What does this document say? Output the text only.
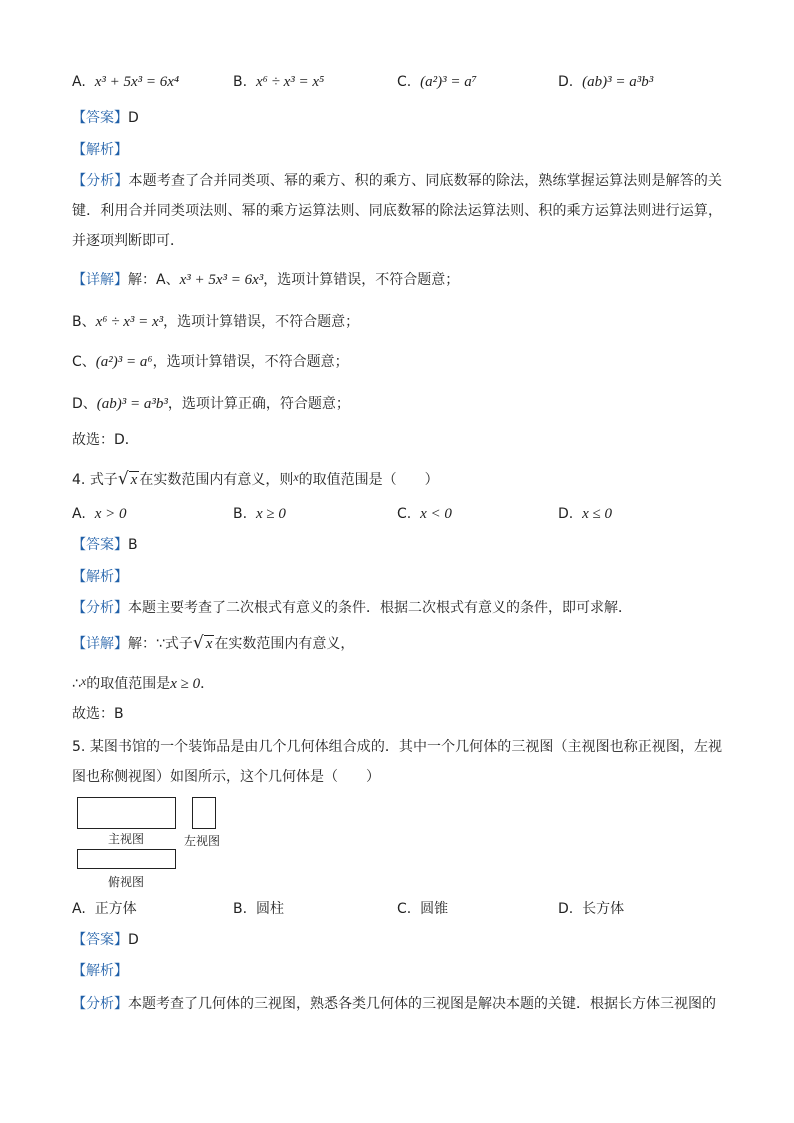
A. x³ + 5x³ = 6x⁴	B. x⁶ ÷ x³ = x⁵	C. (a²)³ = a⁷	D. (ab)³ = a³b³
【答案】D
【解析】
【分析】本题考查了合并同类项、幂的乘方、积的乘方、同底数幂的除法，熟练掌握运算法则是解答的关键．利用合并同类项法则、幂的乘方运算法则、同底数幂的除法运算法则、积的乘方运算法则进行运算，并逐项判断即可．
【详解】解：A、x³ + 5x³ = 6x³，选项计算错误，不符合题意；
B、x⁶ ÷ x³ = x³，选项计算错误，不符合题意；
C、(a²)³ = a⁶，选项计算错误，不符合题意；
D、(ab)³ = a³b³，选项计算正确，符合题意；
故选：D．
4. 式子√ x 在实数范围内有意义，则x的取值范围是（　　）
A. x > 0	B. x ≥ 0	C. x < 0	D. x ≤ 0
【答案】B
【解析】
【分析】本题主要考查了二次根式有意义的条件．根据二次根式有意义的条件，即可求解．
【详解】解：∵式子√ x 在实数范围内有意义，
∴x的取值范围是x ≥ 0．
故选：B
5. 某图书馆的一个装饰品是由几个几何体组合成的．其中一个几何体的三视图（主视图也称正视图，左视图也称侧视图）如图所示，这个几何体是（　　）
主视图	左视图
俯视图
A. 正方体	B. 圆柱	C. 圆锥	D. 长方体
【答案】D
【解析】
【分析】本题考查了几何体的三视图，熟悉各类几何体的三视图是解决本题的关键．根据长方体三视图的
